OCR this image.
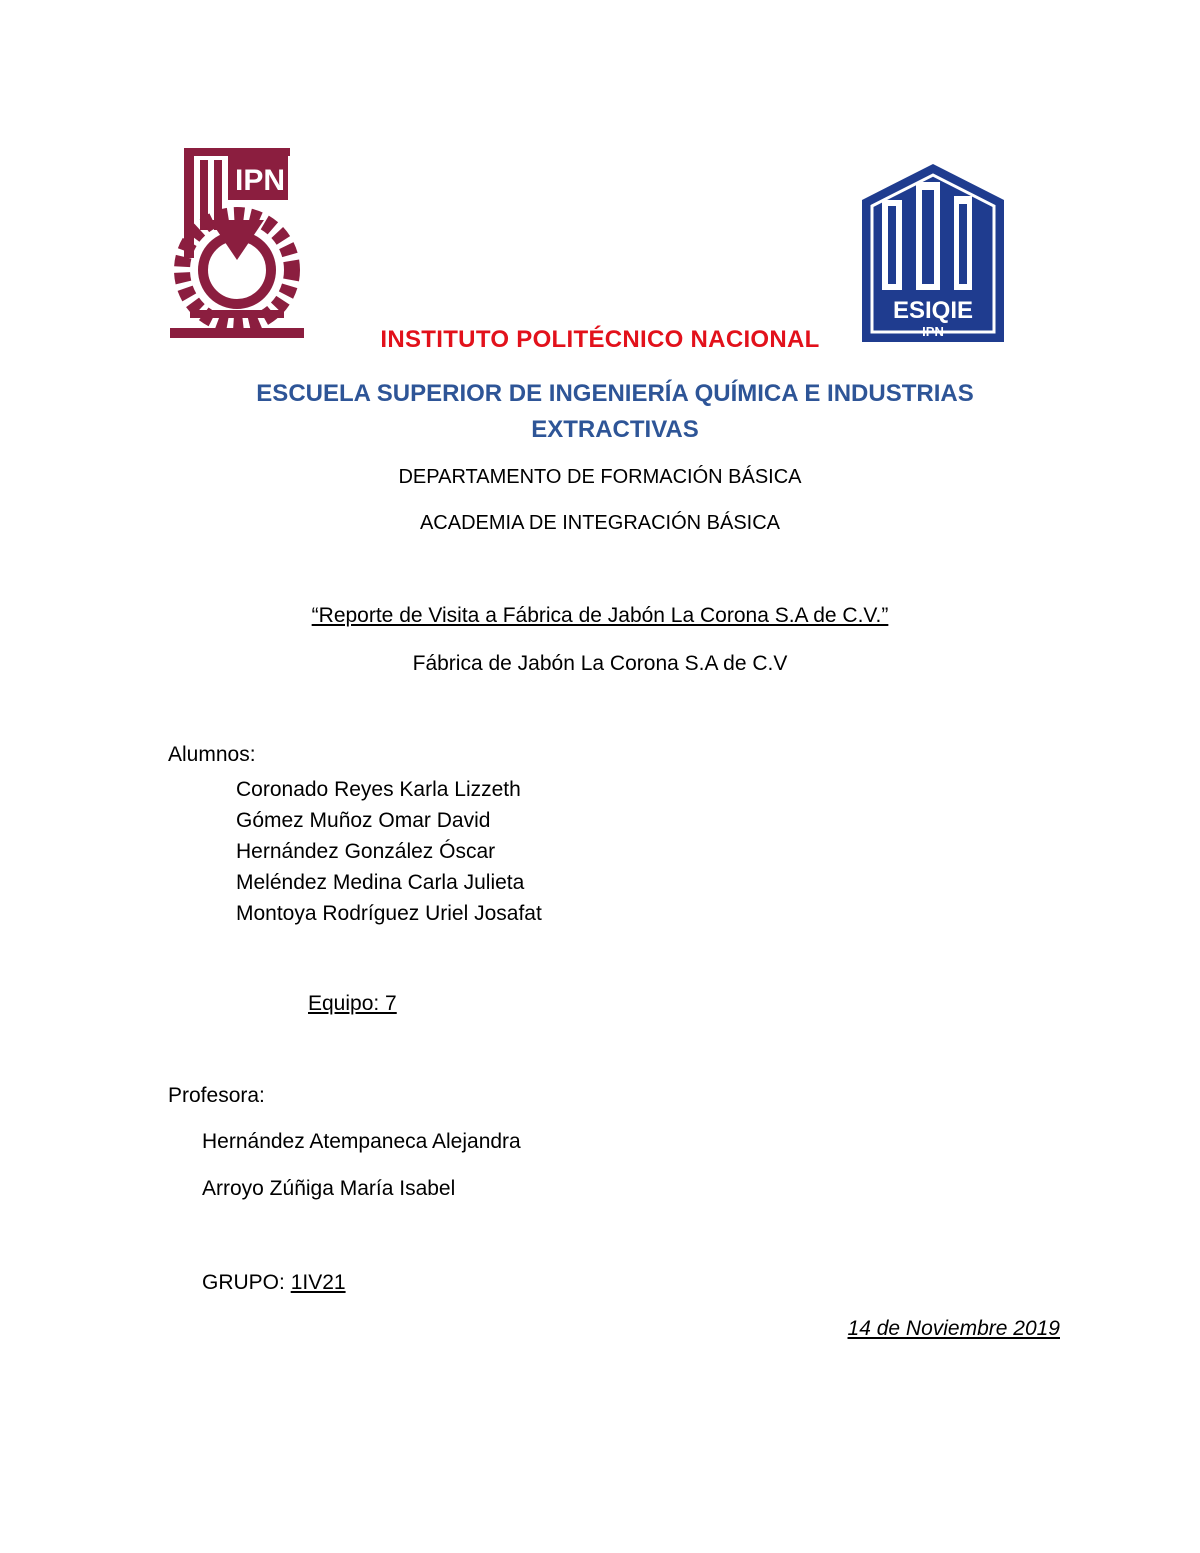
IPN
ESIQIE
IPN
INSTITUTO POLITÉCNICO NACIONAL
ESCUELA SUPERIOR DE INGENIERÍA QUÍMICA E INDUSTRIAS EXTRACTIVAS
DEPARTAMENTO DE FORMACIÓN BÁSICA
ACADEMIA DE INTEGRACIÓN BÁSICA
“Reporte de Visita a Fábrica de Jabón La Corona S.A de C.V.”
Fábrica de Jabón La Corona S.A de C.V
Alumnos:
Coronado Reyes Karla Lizzeth
Gómez Muñoz Omar David
Hernández González Óscar
Meléndez Medina Carla Julieta
Montoya Rodríguez Uriel Josafat
Equipo: 7
Profesora:
Hernández Atempaneca Alejandra
Arroyo Zúñiga María Isabel
GRUPO: 1IV21
14 de Noviembre 2019
